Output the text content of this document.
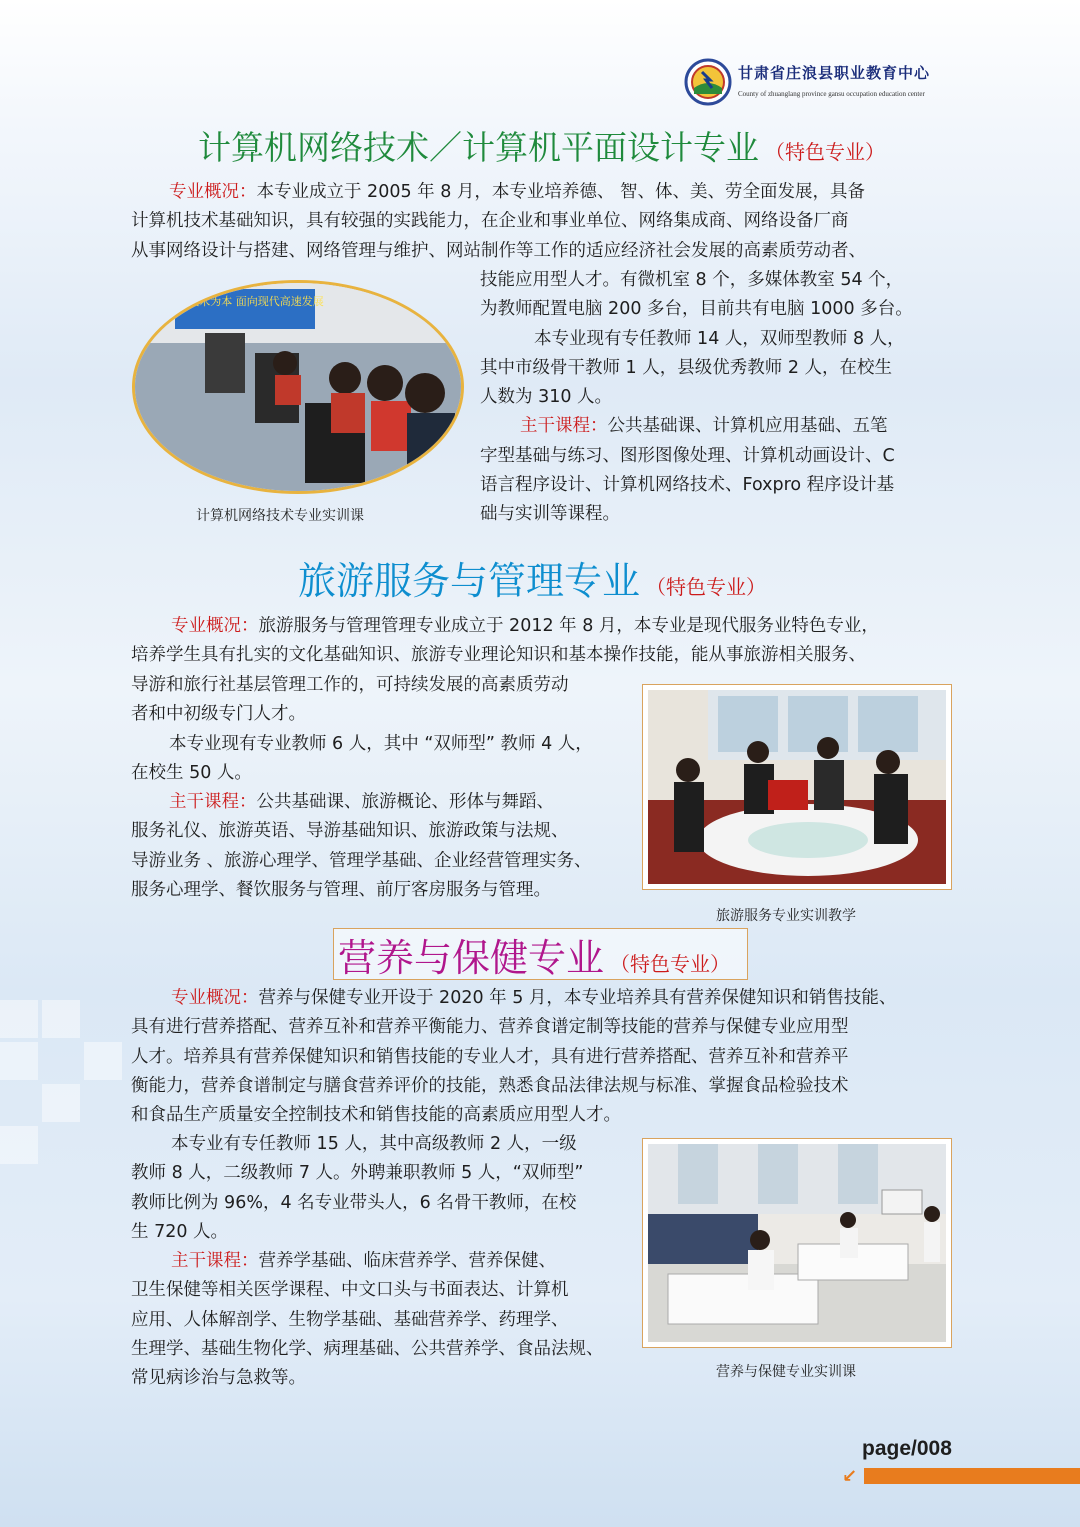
甘肃省庄浪县职业教育中心
County of zhuanglang province gansu occupation education center
计算机网络技术／计算机平面设计专业 （特色专业）
专业概况：本专业成立于 2005 年 8 月，本专业培养德、 智、体、美、劳全面发展，具备
计算机技术基础知识，具有较强的实践能力，在企业和事业单位、网络集成商、网络设备厂商
从事网络设计与搭建、网络管理与维护、网站制作等工作的适应经济社会发展的高素质劳动者、
技能应用型人才。有微机室 8 个，多媒体教室 54 个，
为教师配置电脑 200 多台，目前共有电脑 1000 多台。
本专业现有专任教师 14 人，双师型教师 8 人，
其中市级骨干教师 1 人，县级优秀教师 2 人，在校生
人数为 310 人。
主干课程：公共基础课、计算机应用基础、五笔
字型基础与练习、图形图像处理、计算机动画设计、C
语言程序设计、计算机网络技术、Foxpro 程序设计基
础与实训等课程。
专业技术为本 面向现代高速发展
计算机网络技术专业实训课
旅游服务与管理专业 （特色专业）
专业概况：旅游服务与管理管理专业成立于 2012 年 8 月，本专业是现代服务业特色专业，
培养学生具有扎实的文化基础知识、旅游专业理论知识和基本操作技能，能从事旅游相关服务、
导游和旅行社基层管理工作的，可持续发展的高素质劳动
者和中初级专门人才。
本专业现有专业教师 6 人，其中 “双师型” 教师 4 人，
在校生 50 人。
主干课程：公共基础课、旅游概论、形体与舞蹈、
服务礼仪、旅游英语、导游基础知识、旅游政策与法规、
导游业务 、旅游心理学、管理学基础、企业经营管理实务、
服务心理学、餐饮服务与管理、前厅客房服务与管理。
旅游服务专业实训教学
营养与保健专业 （特色专业）
专业概况：营养与保健专业开设于 2020 年 5 月，本专业培养具有营养保健知识和销售技能、
具有进行营养搭配、营养互补和营养平衡能力、营养食谱定制等技能的营养与保健专业应用型
人才。培养具有营养保健知识和销售技能的专业人才，具有进行营养搭配、营养互补和营养平
衡能力，营养食谱制定与膳食营养评价的技能，熟悉食品法律法规与标准、掌握食品检验技术
和食品生产质量安全控制技术和销售技能的高素质应用型人才。
本专业有专任教师 15 人，其中高级教师 2 人，一级
教师 8 人，二级教师 7 人。外聘兼职教师 5 人，“双师型”
教师比例为 96%，4 名专业带头人，6 名骨干教师，在校
生 720 人。
主干课程：营养学基础、临床营养学、营养保健、
卫生保健等相关医学课程、中文口头与书面表达、计算机
应用、人体解剖学、生物学基础、基础营养学、药理学、
生理学、基础生物化学、病理基础、公共营养学、食品法规、
常见病诊治与急救等。	营养与保健专业实训课
page/008
↙
